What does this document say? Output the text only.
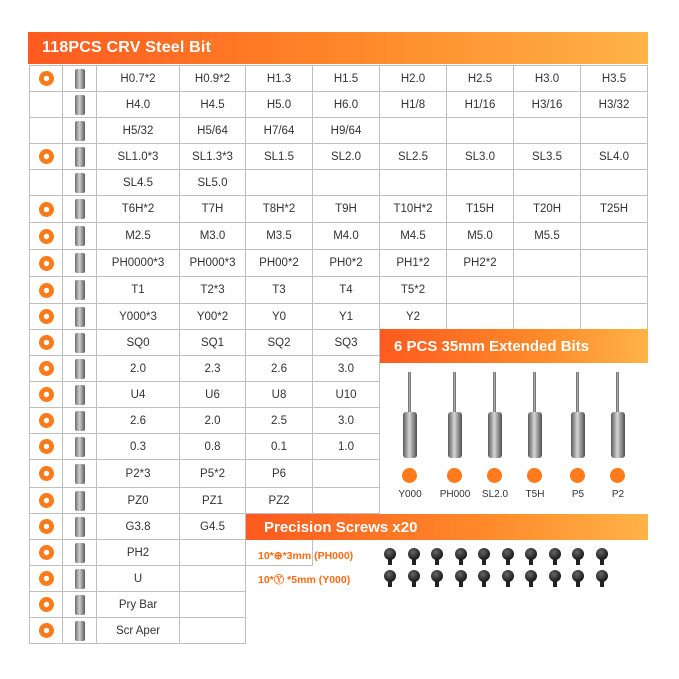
118PCS CRV Steel Bit
H0.7*2	H0.9*2	H1.3	H1.5	H2.0	H2.5	H3.0	H3.5
H4.0	H4.5	H5.0	H6.0	H1/8	H1/16	H3/16	H3/32
H5/32	H5/64	H7/64	H9/64
SL1.0*3	SL1.3*3	SL1.5	SL2.0	SL2.5	SL3.0	SL3.5	SL4.0
SL4.5	SL5.0
T6H*2	T7H	T8H*2	T9H	T10H*2	T15H	T20H	T25H
M2.5	M3.0	M3.5	M4.0	M4.5	M5.0	M5.5
PH0000*3	PH000*3	PH00*2	PH0*2	PH1*2	PH2*2
T1	T2*3	T3	T4	T5*2
Y000*3	Y00*2	Y0	Y1	Y2
SQ0	SQ1	SQ2	SQ3
2.0	2.3	2.6	3.0
U4	U6	U8	U10
2.6	2.0	2.5	3.0
0.3	0.8	0.1	1.0
P2*3	P5*2	P6
PZ0	PZ1	PZ2
G3.8	G4.5
PH2
U
Pry Bar
Scr Aper
6 PCS 35mm Extended Bits
Y000	PH000	SL2.0	T5H	P5	P2
Precision Screws x20
10*⊕*3mm (PH000)
10*Ⓨ *5mm (Y000)
